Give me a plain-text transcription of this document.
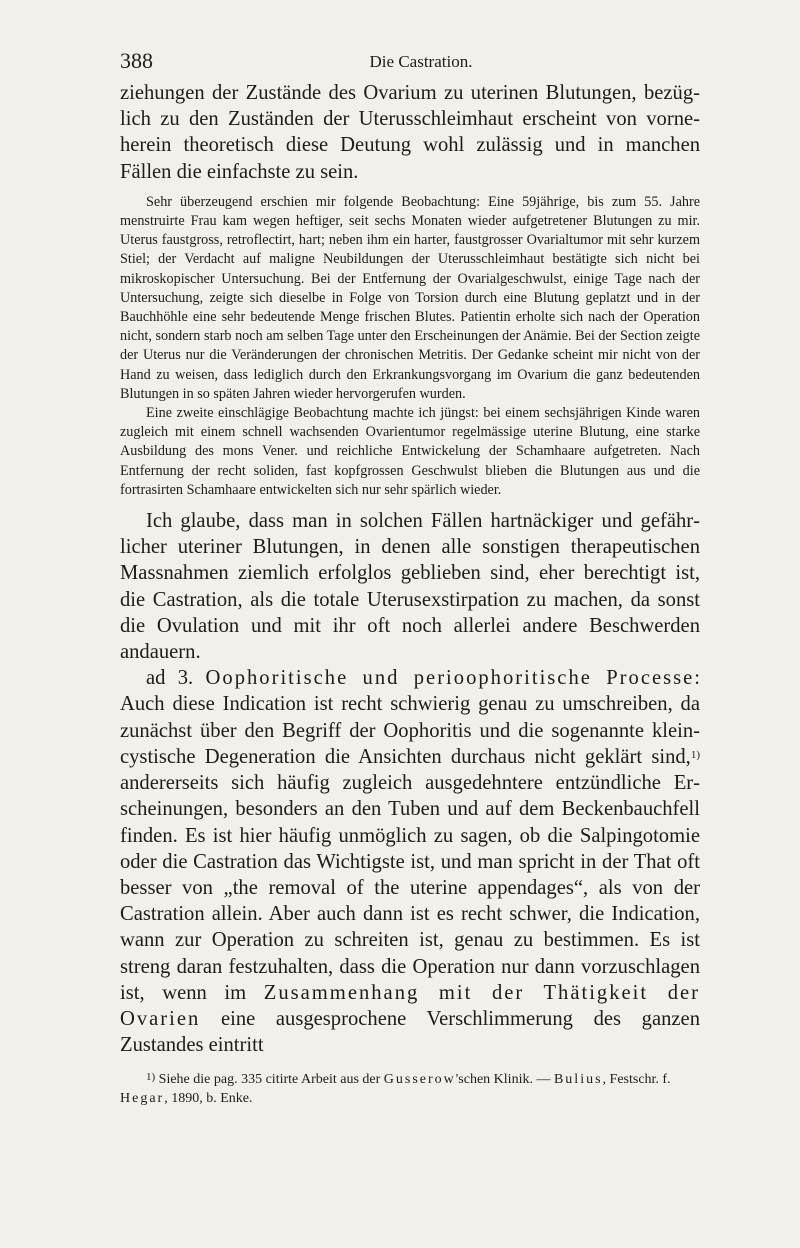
388	Die Castration.

ziehungen der Zustände des Ovarium zu uterinen Blutungen, bezüglich zu den Zuständen der Uterusschleimhaut erscheint von vorneherein theoretisch diese Deutung wohl zulässig und in manchen Fällen die einfachste zu sein.

Sehr überzeugend erschien mir folgende Beobachtung: Eine 59jährige, bis zum 55. Jahre menstruirte Frau kam wegen heftiger, seit sechs Monaten wieder aufgetretener Blutungen zu mir. Uterus faustgross, retroflectirt, hart; neben ihm ein harter, faustgrosser Ovarialtumor mit sehr kurzem Stiel; der Verdacht auf maligne Neubildungen der Uterusschleimhaut bestätigte sich nicht bei mikroskopischer Untersuchung. Bei der Entfernung der Ovarialgeschwulst, einige Tage nach der Untersuchung, zeigte sich dieselbe in Folge von Torsion durch eine Blutung geplatzt und in der Bauchhöhle eine sehr bedeutende Menge frischen Blutes. Patientin erholte sich nach der Operation nicht, sondern starb noch am selben Tage unter den Erscheinungen der Anämie. Bei der Section zeigte der Uterus nur die Veränderungen der chronischen Metritis. Der Gedanke scheint mir nicht von der Hand zu weisen, dass lediglich durch den Erkrankungsvorgang im Ovarium die ganz bedeutenden Blutungen in so späten Jahren wieder hervorgerufen wurden.

Eine zweite einschlägige Beobachtung machte ich jüngst: bei einem sechsjährigen Kinde waren zugleich mit einem schnell wachsenden Ovarientumor regelmässige uterine Blutung, eine starke Ausbildung des mons Vener. und reichliche Entwickelung der Schamhaare aufgetreten. Nach Entfernung der recht soliden, fast kopfgrossen Geschwulst blieben die Blutungen aus und die fortrasirten Schamhaare entwickelten sich nur sehr spärlich wieder.

Ich glaube, dass man in solchen Fällen hartnäckiger und gefährlicher uteriner Blutungen, in denen alle sonstigen therapeutischen Massnahmen ziemlich erfolglos geblieben sind, eher berechtigt ist, die Castration, als die totale Uterusexstirpation zu machen, da sonst die Ovulation und mit ihr oft noch allerlei andere Beschwerden andauern.

ad 3. Oophoritische und perioophoritische Processe: Auch diese Indication ist recht schwierig genau zu umschreiben, da zunächst über den Begriff der Oophoritis und die sogenannte kleincystische Degeneration die Ansichten durchaus nicht geklärt sind,$^{1)}$ andererseits sich häufig zugleich ausgedehntere entzündliche Erscheinungen, besonders an den Tuben und auf dem Beckenbauchfell finden. Es ist hier häufig unmöglich zu sagen, ob die Salpingotomie oder die Castration das Wichtigste ist, und man spricht in der That oft besser von „the removal of the uterine appendages“, als von der Castration allein. Aber auch dann ist es recht schwer, die Indication, wann zur Operation zu schreiten ist, genau zu bestimmen. Es ist streng daran festzuhalten, dass die Operation nur dann vorzuschlagen ist, wenn im Zusammenhang mit der Thätigkeit der Ovarien eine ausgesprochene Verschlimmerung des ganzen Zustandes eintritt

$^{1)}$ Siehe die pag. 335 citirte Arbeit aus der Gusserow'schen Klinik. — Bulius, Festschr. f. Hegar, 1890, b. Enke.
